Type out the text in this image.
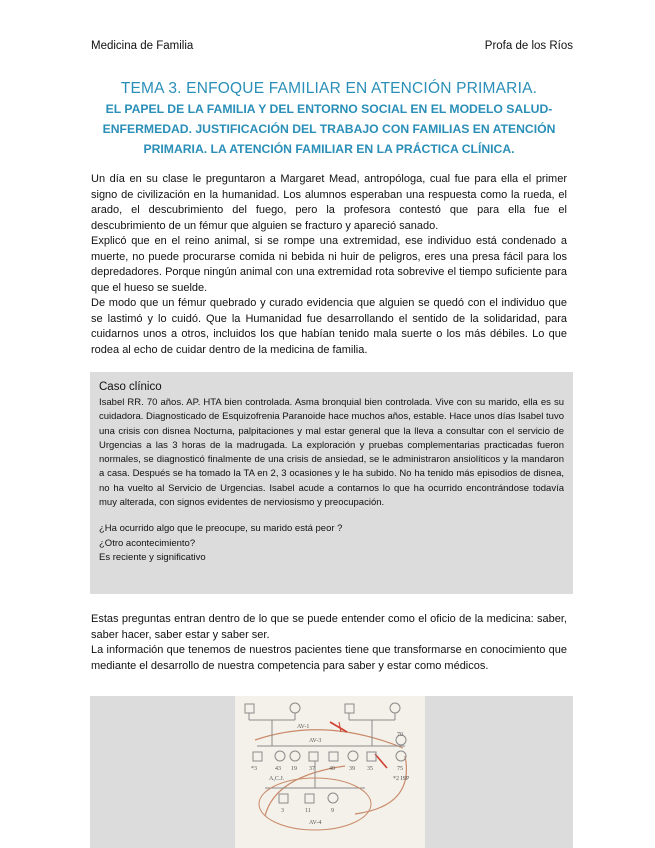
Medicina de Familia	Profa de los Ríos
TEMA 3. ENFOQUE FAMILIAR EN ATENCIÓN PRIMARIA.
EL PAPEL DE LA FAMILIA Y DEL ENTORNO SOCIAL EN EL MODELO SALUD-
ENFERMEDAD. JUSTIFICACIÓN DEL TRABAJO CON FAMILIAS EN ATENCIÓN
PRIMARIA. LA ATENCIÓN FAMILIAR EN LA PRÁCTICA CLÍNICA.

Un día en su clase le preguntaron a Margaret Mead, antropóloga, cual fue para ella el primer signo de civilización en la humanidad. Los alumnos esperaban una respuesta como la rueda, el arado, el descubrimiento del fuego, pero la profesora contestó que para ella fue el descubrimiento de un fémur que alguien se fracturo y apareció sanado.

Explicó que en el reino animal, si se rompe una extremidad, ese individuo está condenado a muerte, no puede procurarse comida ni bebida ni huir de peligros, eres una presa fácil para los depredadores. Porque ningún animal con una extremidad rota sobrevive el tiempo suficiente para que el hueso se suelde.

De modo que un fémur quebrado y curado evidencia que alguien se quedó con el individuo que se lastimó y lo cuidó. Que la Humanidad fue desarrollando el sentido de la solidaridad, para cuidarnos unos a otros, incluidos los que habían tenido mala suerte o los más débiles. Lo que rodea al echo de cuidar dentro de la medicina de familia.

Caso clínico

Isabel RR. 70 años. AP. HTA bien controlada. Asma bronquial bien controlada. Vive con su marido, ella es su cuidadora. Diagnosticado de Esquizofrenia Paranoide hace muchos años, estable. Hace unos días Isabel tuvo una crisis con disnea Nocturna, palpitaciones y mal estar general que la lleva a consultar con el servicio de Urgencias a las 3 horas de la madrugada. La exploración y pruebas complementarias practicadas fueron normales, se diagnosticó finalmente de una crisis de ansiedad, se le administraron ansiolíticos y la mandaron a casa. Después se ha tomado la TA en 2, 3 ocasiones y le ha subido. No ha tenido más episodios de disnea, no ha vuelto al Servicio de Urgencias. Isabel acude a contarnos lo que ha ocurrido encontrándose todavía muy alterada, con signos evidentes de nerviosismo y preocupación.

¿Ha ocurrido algo que le preocupe, su marido está peor ?
¿Otro acontecimiento?
Es reciente y significativo

Estas preguntas entran dentro de lo que se puede entender como el oficio de la medicina: saber, saber hacer, saber estar y saber ser.

La información que tenemos de nuestros pacientes tiene que transformarse en conocimiento que mediante el desarrollo de nuestra competencia para saber y estar como médicos.

AV-1
AV-3
*3	43
A,C.J.
19 37 40 39 35
70
75
*2 ISP
3	11	9
AV-4
